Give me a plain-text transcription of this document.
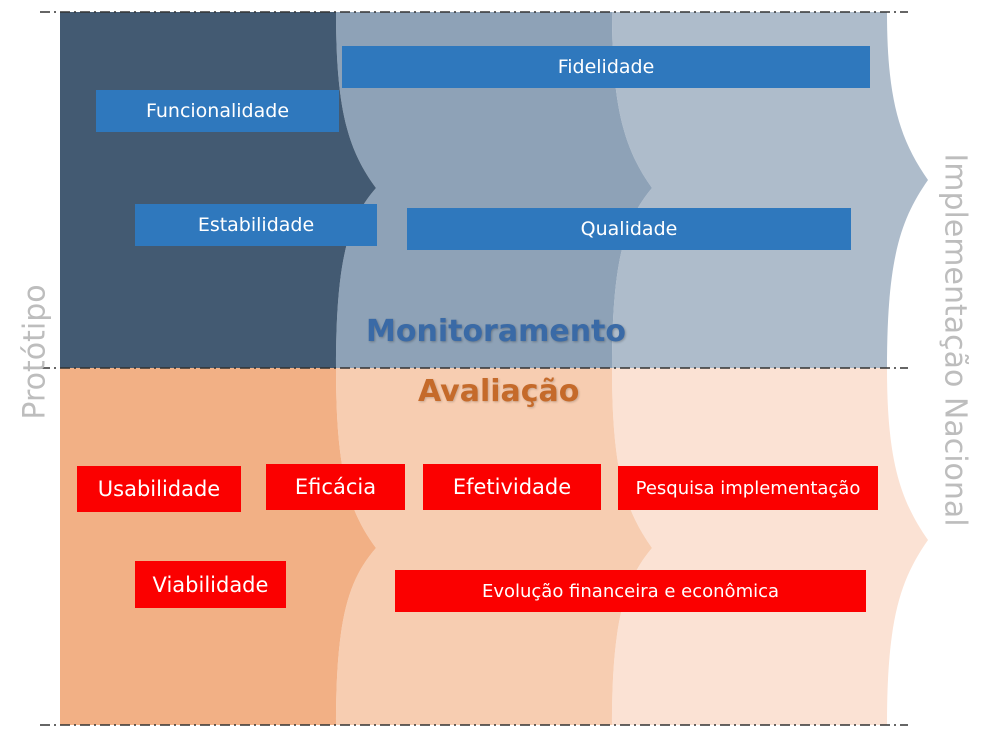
Fidelidade
Funcionalidade
Estabilidade	Qualidade
Monitoramento
Avaliação
Usabilidade	Eficácia	Efetividade	Pesquisa implementação
Viabilidade	Evolução financeira e econômica
Protótipo	Implementação Nacional
